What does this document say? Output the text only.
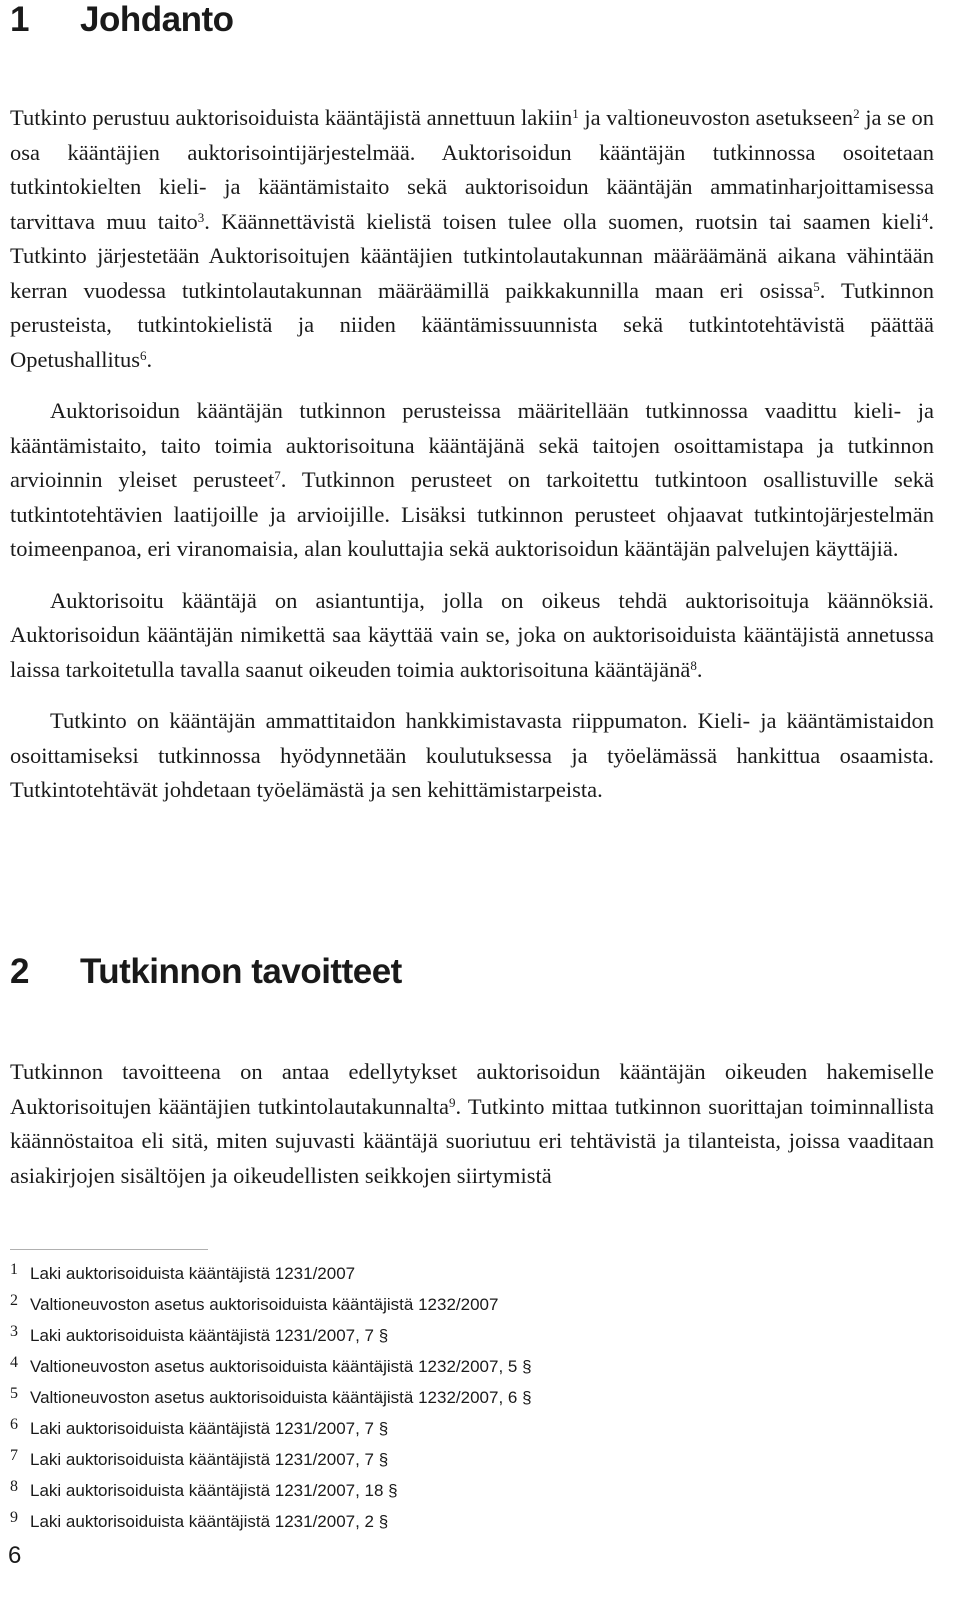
1 Johdanto

Tutkinto perustuu auktorisoiduista kääntäjistä annettuun lakiin$^1$ ja valtioneuvoston asetukseen$^2$ ja se on osa kääntäjien auktorisointijärjestelmää. Auktorisoidun kääntäjän tutkinnossa osoitetaan tutkintokielten kieli- ja kääntämistaito sekä auktorisoidun kääntäjän ammatinharjoittamisessa tarvittava muu taito$^3$. Käännettävistä kielistä toisen tulee olla suomen, ruotsin tai saamen kieli$^4$. Tutkinto järjestetään Auktorisoitujen kääntäjien tutkintolautakunnan määräämänä aikana vähintään kerran vuodessa tutkintolautakunnan määräämillä paikkakunnilla maan eri osissa$^5$. Tutkinnon perusteista, tutkintokielistä ja niiden kääntämissuunnista sekä tutkintotehtävistä päättää Opetushallitus$^6$.

Auktorisoidun kääntäjän tutkinnon perusteissa määritellään tutkinnossa vaadittu kieli- ja kääntämistaito, taito toimia auktorisoituna kääntäjänä sekä taitojen osoittamistapa ja tutkinnon arvioinnin yleiset perusteet$^7$. Tutkinnon perusteet on tarkoitettu tutkintoon osallistuville sekä tutkintotehtävien laatijoille ja arvioijille. Lisäksi tutkinnon perusteet ohjaavat tutkintojärjestelmän toimeenpanoa, eri viranomaisia, alan kouluttajia sekä auktorisoidun kääntäjän palvelujen käyttäjiä.

Auktorisoitu kääntäjä on asiantuntija, jolla on oikeus tehdä auktorisoituja käännöksiä. Auktorisoidun kääntäjän nimikettä saa käyttää vain se, joka on auktorisoiduista kääntäjistä annetussa laissa tarkoitetulla tavalla saanut oikeuden toimia auktorisoituna kääntäjänä$^8$.

Tutkinto on kääntäjän ammattitaidon hankkimistavasta riippumaton. Kieli- ja kääntämistaidon osoittamiseksi tutkinnossa hyödynnetään koulutuksessa ja työelämässä hankittua osaamista. Tutkintotehtävät johdetaan työelämästä ja sen kehittämistarpeista.

2 Tutkinnon tavoitteet

Tutkinnon tavoitteena on antaa edellytykset auktorisoidun kääntäjän oikeuden hakemiselle Auktorisoitujen kääntäjien tutkintolautakunnalta$^9$. Tutkinto mittaa tutkinnon suorittajan toiminnallista käännöstaitoa eli sitä, miten sujuvasti kääntäjä suoriutuu eri tehtävistä ja tilanteista, joissa vaaditaan asiakirjojen sisältöjen ja oikeudellisten seikkojen siirtymistä

1 Laki auktorisoiduista kääntäjistä 1231/2007
2 Valtioneuvoston asetus auktorisoiduista kääntäjistä 1232/2007
3 Laki auktorisoiduista kääntäjistä 1231/2007, 7 §
4 Valtioneuvoston asetus auktorisoiduista kääntäjistä 1232/2007, 5 §
5 Valtioneuvoston asetus auktorisoiduista kääntäjistä 1232/2007, 6 §
6 Laki auktorisoiduista kääntäjistä 1231/2007, 7 §
7 Laki auktorisoiduista kääntäjistä 1231/2007, 7 §
8 Laki auktorisoiduista kääntäjistä 1231/2007, 18 §
9 Laki auktorisoiduista kääntäjistä 1231/2007, 2 §
6
